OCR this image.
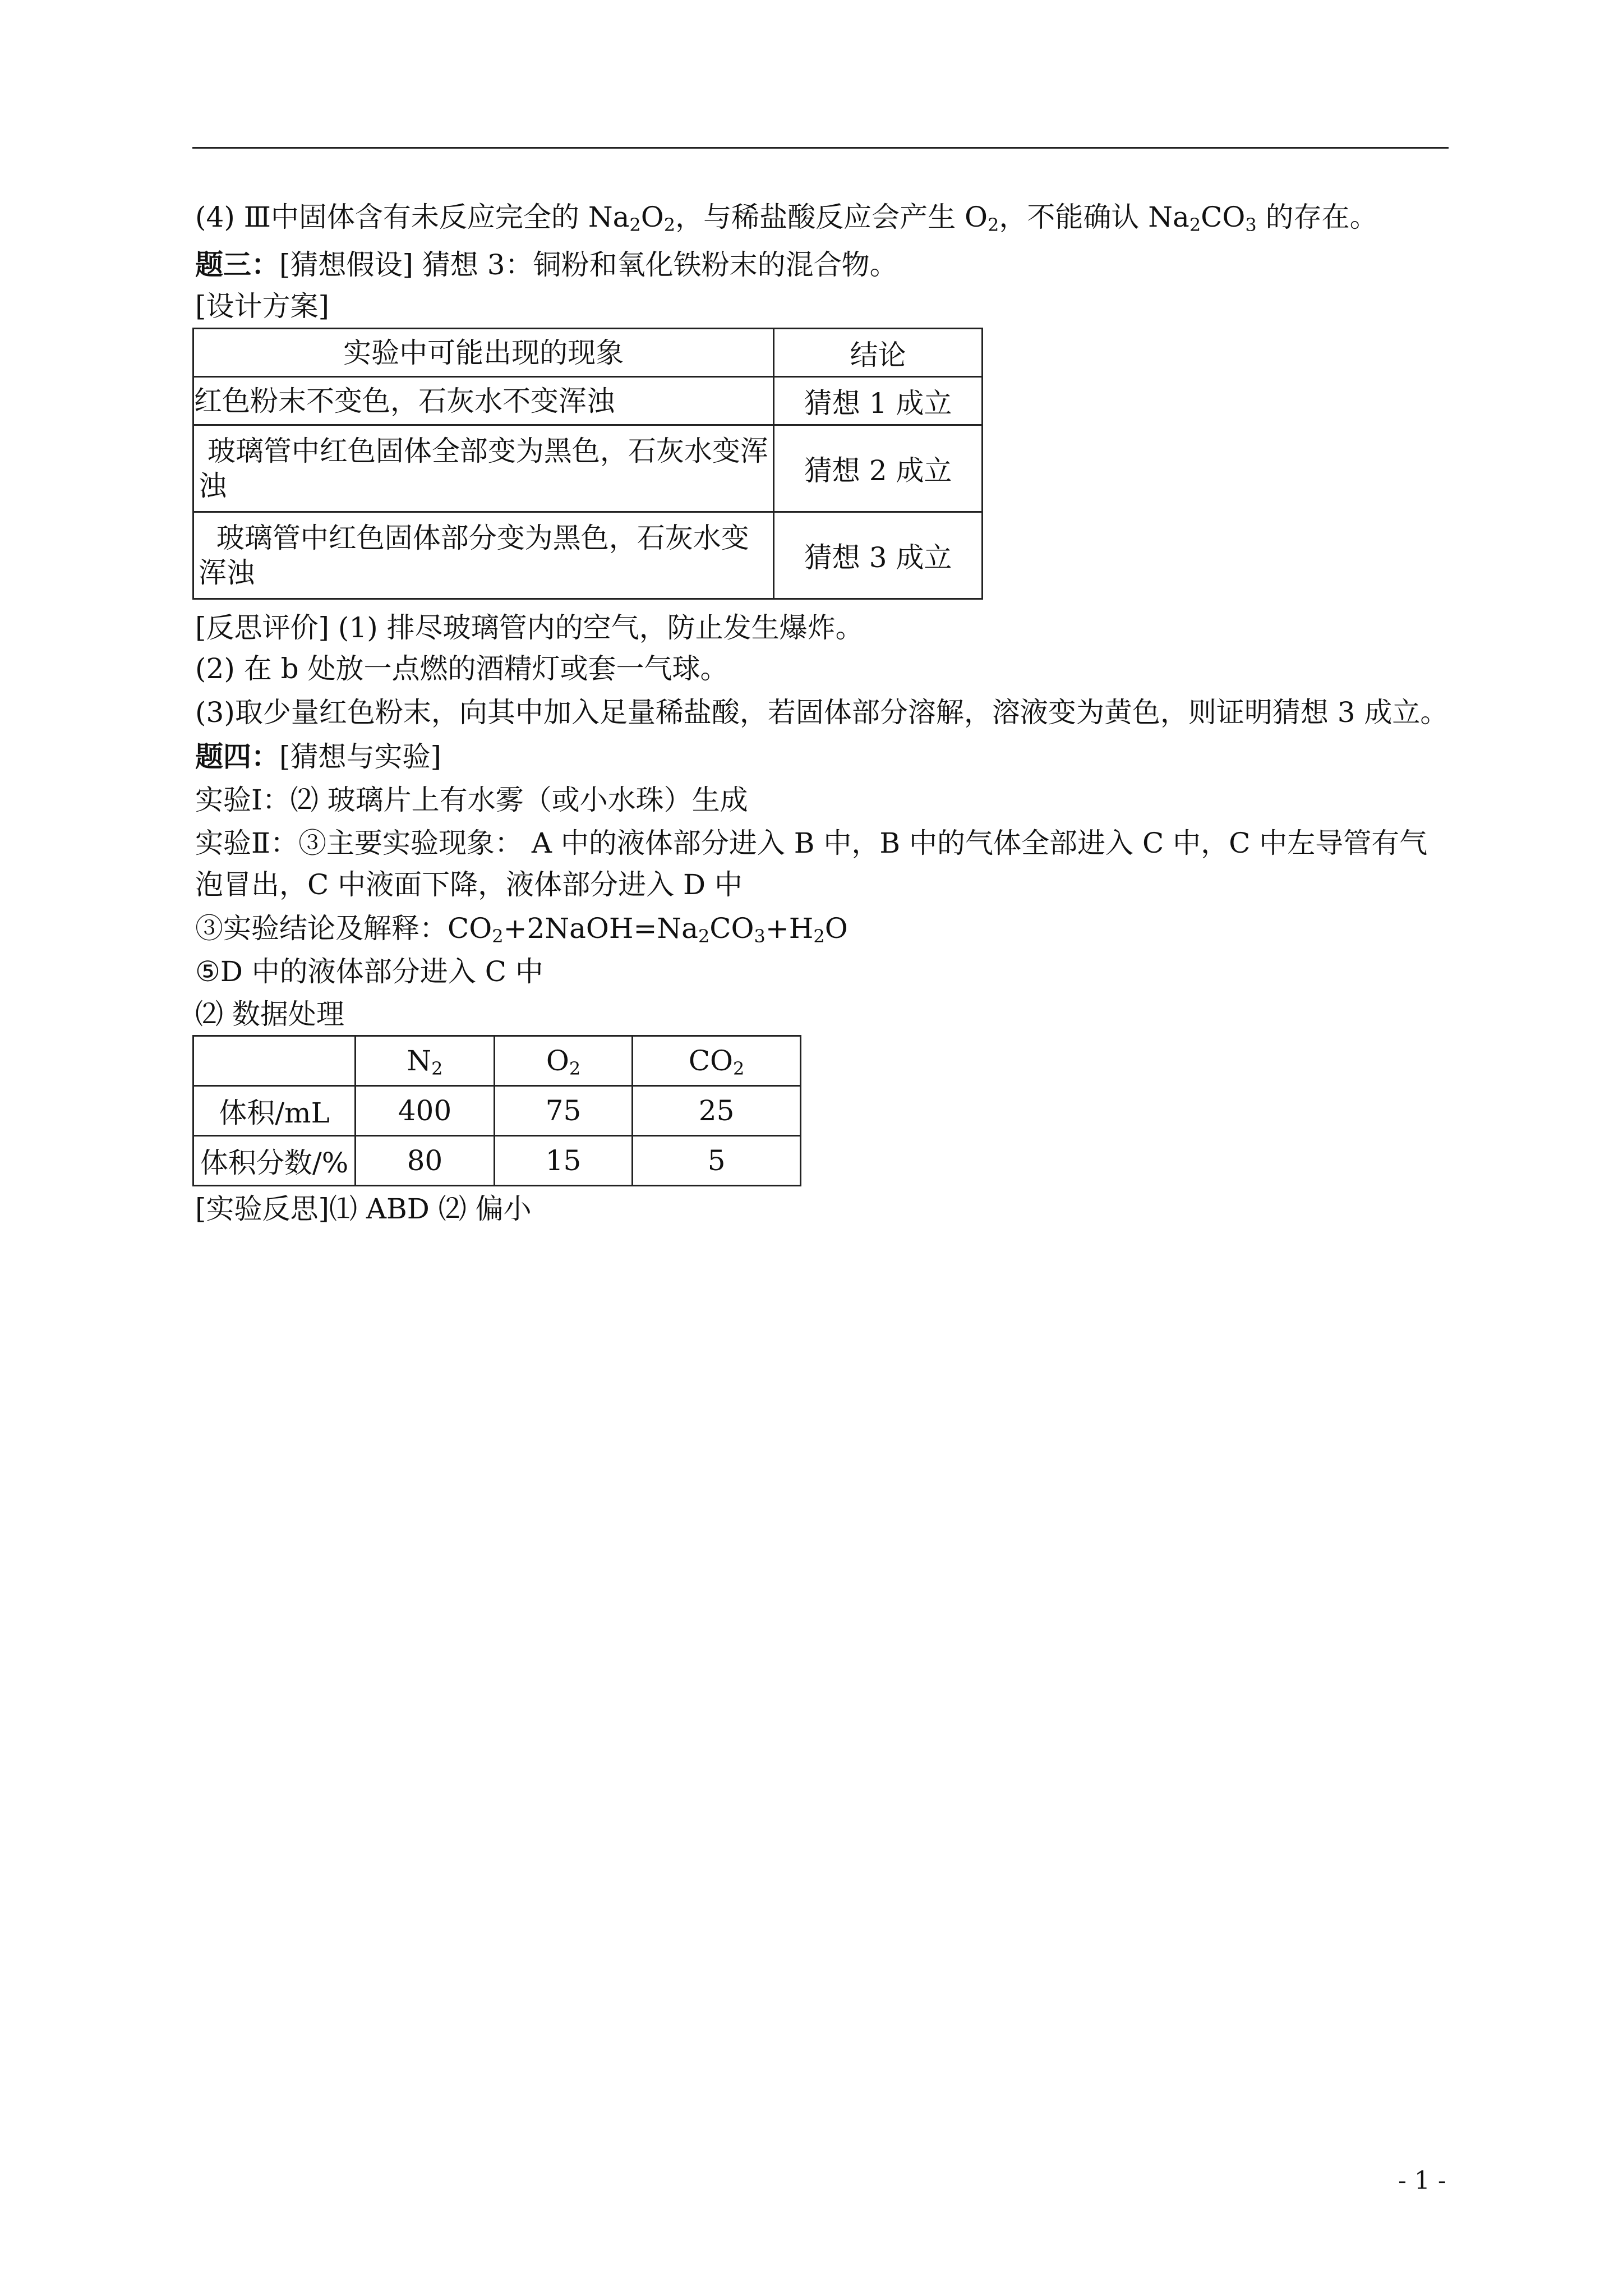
(4) Ⅲ中固体含有未反应完全的 $Na_2O_2$，与稀盐酸反应会产生 $O_2$，不能确认 $Na_2CO_3$ 的存在。
题三：[猜想假设] 猜想 3：铜粉和氧化铁粉末的混合物。
[设计方案]
实验中可能出现的现象	结论
红色粉末不变色，石灰水不变浑浊	猜想 1 成立
玻璃管中红色固体全部变为黑色，石灰水变浑浊	猜想 2 成立
玻璃管中红色固体部分变为黑色，石灰水变浑浊	猜想 3 成立
[反思评价] (1) 排尽玻璃管内的空气，防止发生爆炸。
(2) 在 b 处放一点燃的酒精灯或套一气球。
(3)取少量红色粉末，向其中加入足量稀盐酸，若固体部分溶解，溶液变为黄色，则证明猜想 3 成立。
题四：[猜想与实验]
实验Ⅰ：⑵ 玻璃片上有水雾（或小水珠）生成
实验Ⅱ：③主要实验现象： A 中的液体部分进入 B 中，B 中的气体全部进入 C 中，C 中左导管有气
泡冒出，C 中液面下降，液体部分进入 D 中
③实验结论及解释：$CO_2+2NaOH=Na_2CO_3+H_2O$
⑤D 中的液体部分进入 C 中
⑵ 数据处理
	$N_2$	$O_2$	$CO_2$
体积/mL	400	75	25
体积分数/%	80	15	5
[实验反思]⑴ ABD ⑵ 偏小
- 1 -
